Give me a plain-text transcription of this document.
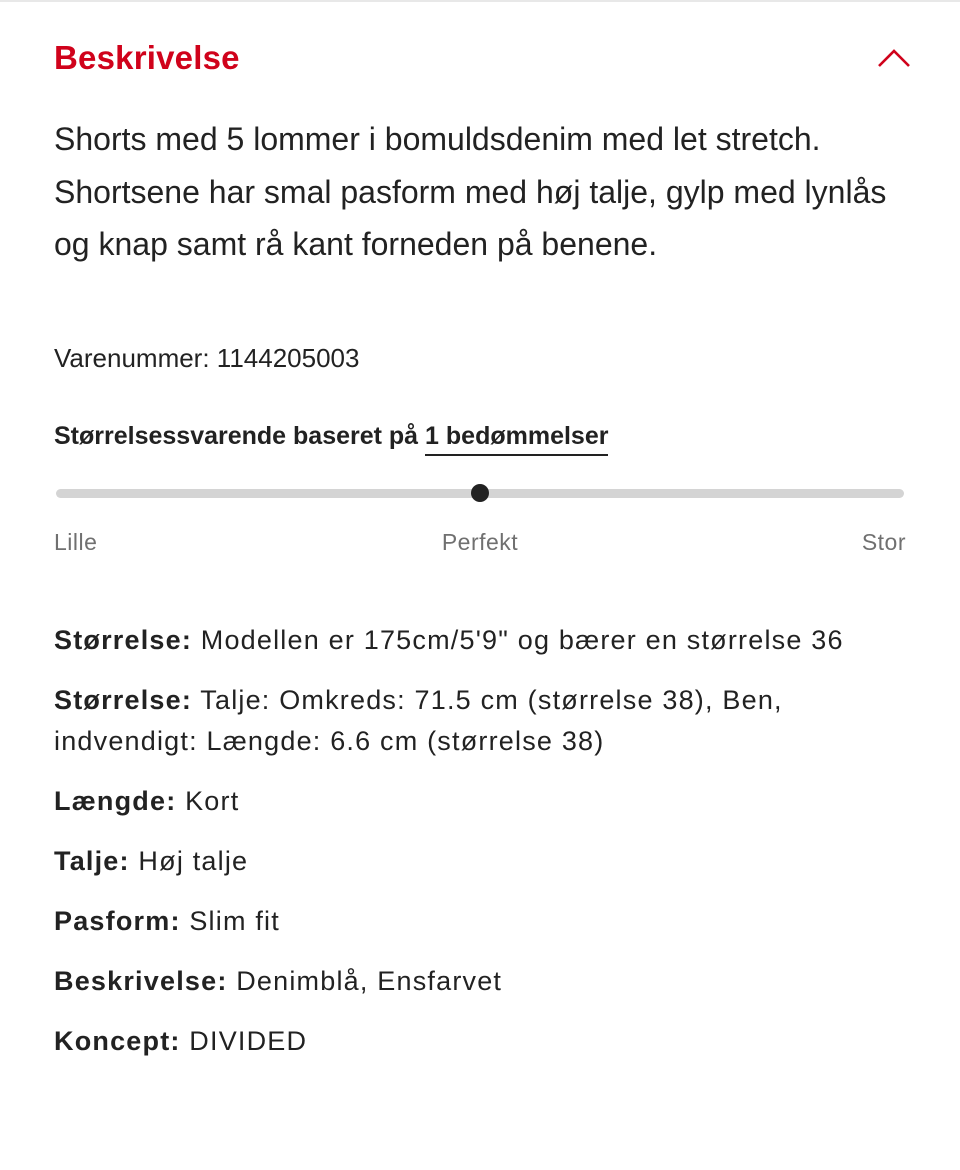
Beskrivelse
Shorts med 5 lommer i bomuldsdenim med let stretch. Shortsene har smal pasform med høj talje, gylp med lynlås og knap samt rå kant forneden på benene.
Varenummer: 1144205003
Størrelsessvarende baseret på 1 bedømmelser
Lille	Perfekt	Stor
Størrelse: Modellen er 175cm/5'9" og bærer en størrelse 36
Størrelse: Talje: Omkreds: 71.5 cm (størrelse 38), Ben, indvendigt: Længde: 6.6 cm (størrelse 38)
Længde: Kort
Talje: Høj talje
Pasform: Slim fit
Beskrivelse: Denimblå, Ensfarvet
Koncept: DIVIDED
